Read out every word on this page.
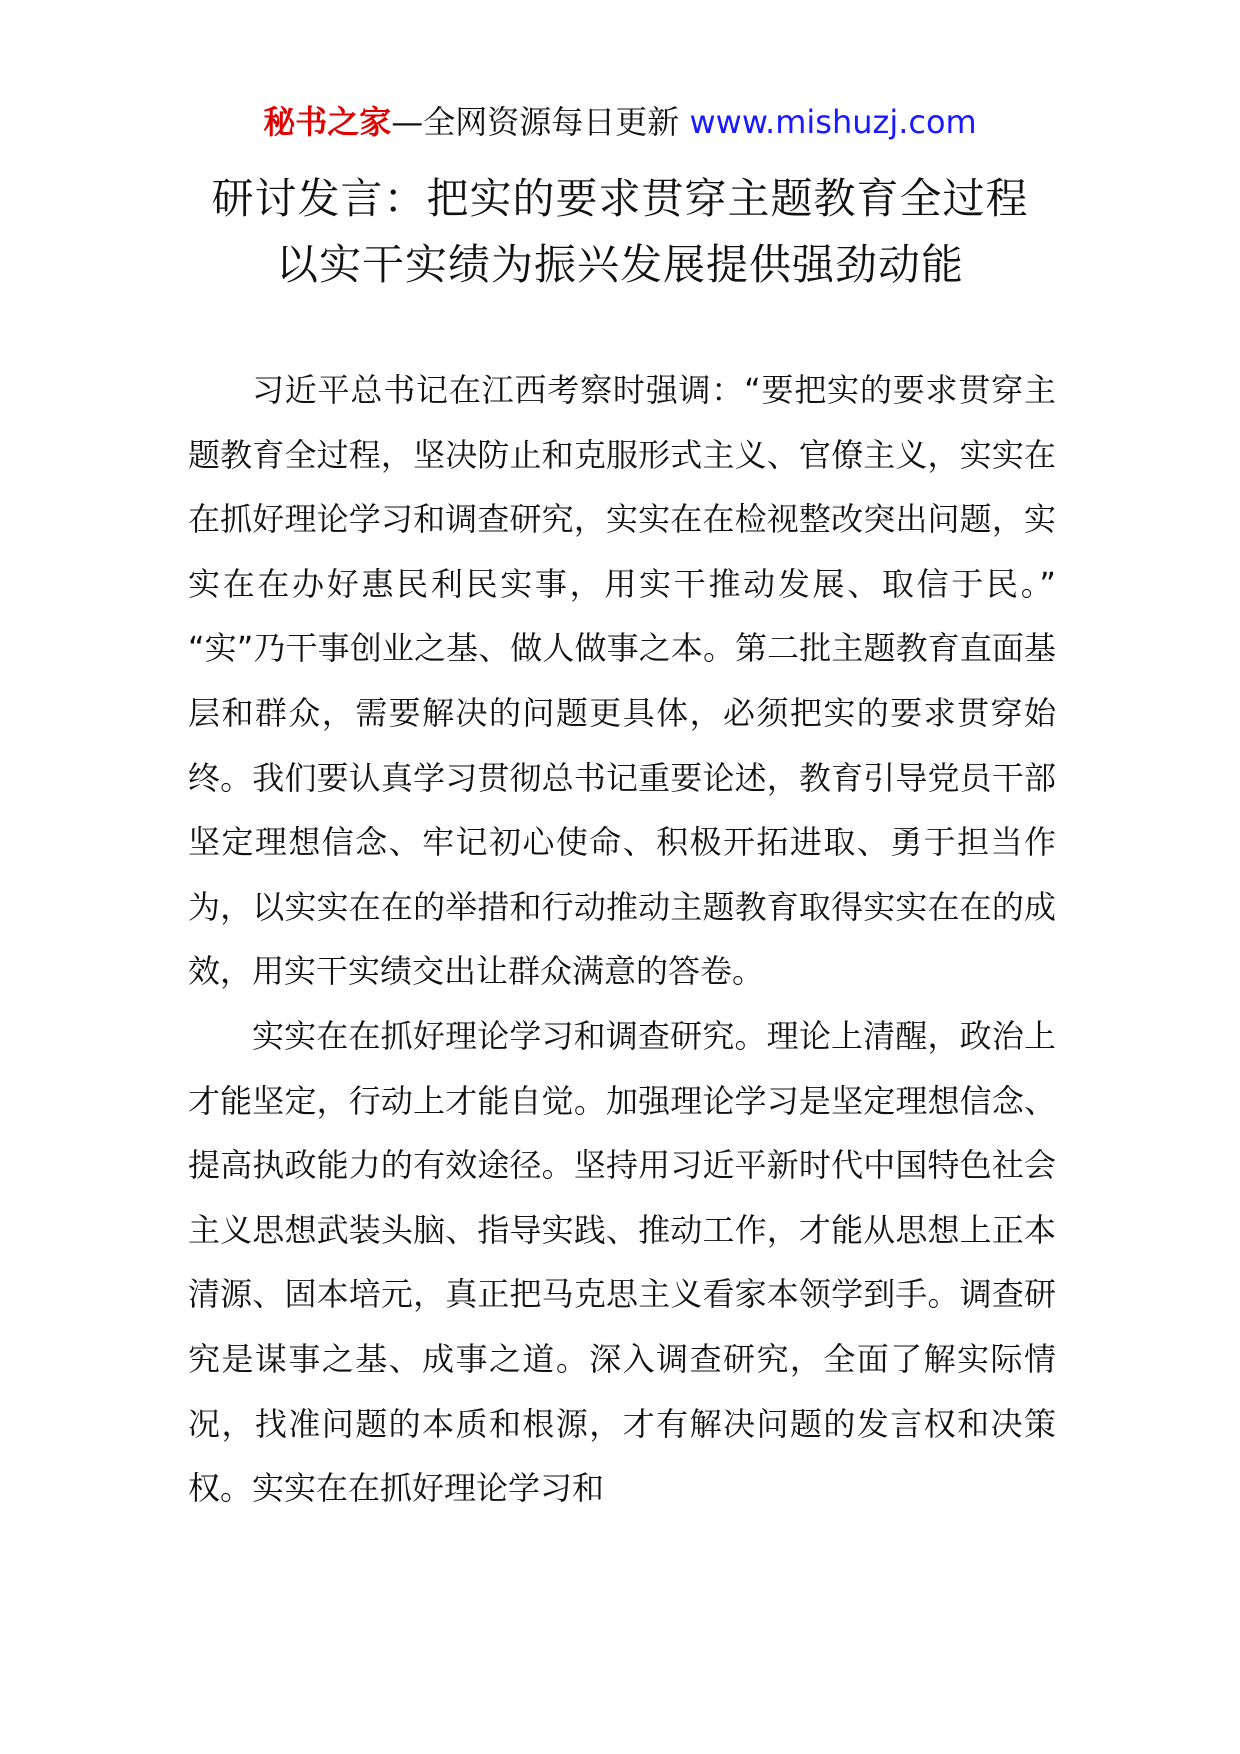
秘书之家—全网资源每日更新 www.mishuzj.com
研讨发言：把实的要求贯穿主题教育全过程
以实干实绩为振兴发展提供强劲动能

习近平总书记在江西考察时强调：“要把实的要求贯穿主题教育全过程，坚决防止和克服形式主义、官僚主义，实实在在抓好理论学习和调查研究，实实在在检视整改突出问题，实实在在办好惠民利民实事，用实干推动发展、取信于民。” “实”乃干事创业之基、做人做事之本。第二批主题教育直面基层和群众，需要解决的问题更具体，必须把实的要求贯穿始终。我们要认真学习贯彻总书记重要论述，教育引导党员干部坚定理想信念、牢记初心使命、积极开拓进取、勇于担当作为，以实实在在的举措和行动推动主题教育取得实实在在的成效，用实干实绩交出让群众满意的答卷。

实实在在抓好理论学习和调查研究。理论上清醒，政治上才能坚定，行动上才能自觉。加强理论学习是坚定理想信念、提高执政能力的有效途径。坚持用习近平新时代中国特色社会主义思想武装头脑、指导实践、推动工作，才能从思想上正本清源、固本培元，真正把马克思主义看家本领学到手。调查研究是谋事之基、成事之道。深入调查研究，全面了解实际情况，找准问题的本质和根源，才有解决问题的发言权和决策权。实实在在抓好理论学习和
